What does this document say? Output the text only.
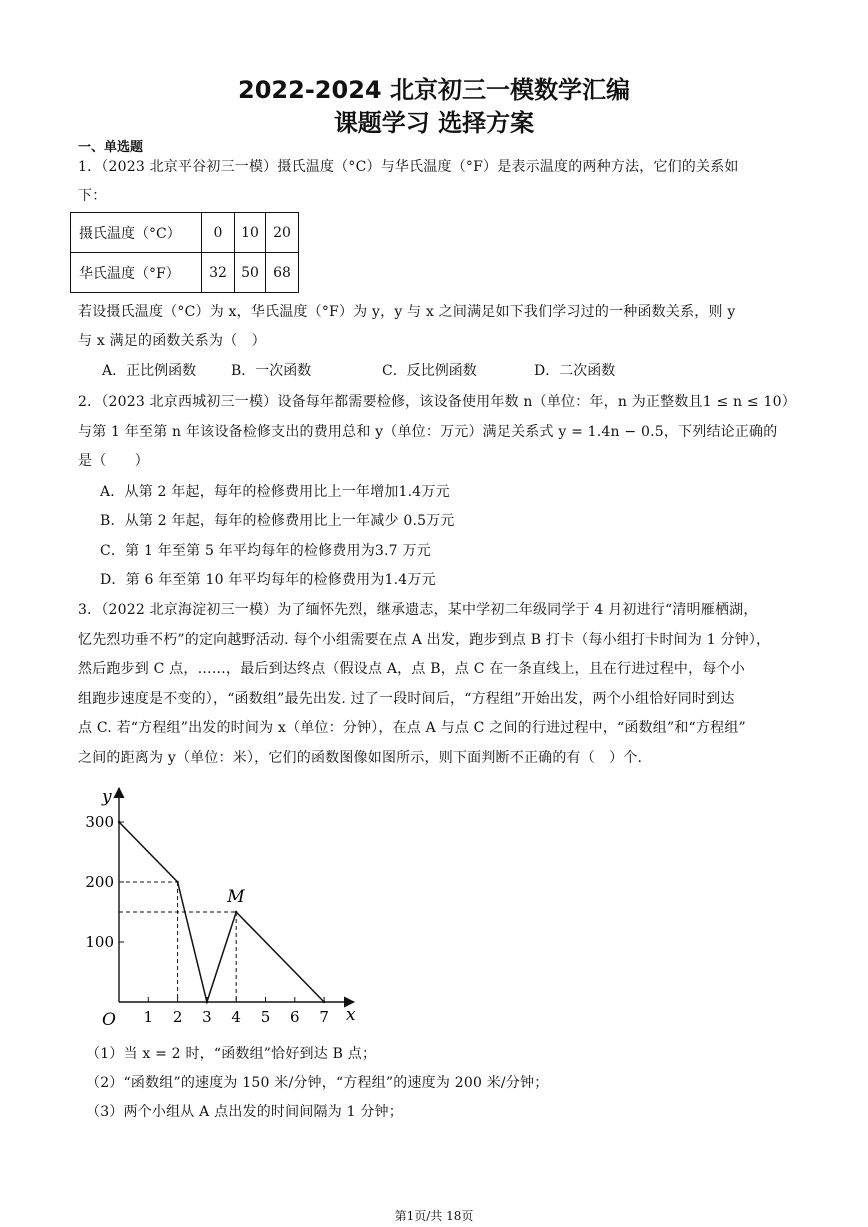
2022-2024 北京初三一模数学汇编
课题学习 选择方案
一、单选题
1．（2023 北京平谷初三一模）摄氏温度（°C）与华氏温度（°F）是表示温度的两种方法，它们的关系如
下：
摄氏温度（°C）	0	10	20
华氏温度（°F）	32	50	68
若设摄氏温度（°C）为 x，华氏温度（°F）为 y，y 与 x 之间满足如下我们学习过的一种函数关系，则 y
与 x 满足的函数关系为（　）
A．正比例函数 B．一次函数	C．反比例函数	D．二次函数
2．（2023 北京西城初三一模）设备每年都需要检修，该设备使用年数 n（单位：年，n 为正整数且1 ≤ n ≤ 10）
与第 1 年至第 n 年该设备检修支出的费用总和 y（单位：万元）满足关系式 y = 1.4n − 0.5，下列结论正确的
是（　　）
A．从第 2 年起，每年的检修费用比上一年增加1.4万元
B．从第 2 年起，每年的检修费用比上一年减少 0.5万元
C．第 1 年至第 5 年平均每年的检修费用为3.7 万元
D．第 6 年至第 10 年平均每年的检修费用为1.4万元
3．（2022 北京海淀初三一模）为了缅怀先烈，继承遗志，某中学初二年级同学于 4 月初进行“清明雁栖湖，
忆先烈功垂不朽”的定向越野活动. 每个小组需要在点 A 出发，跑步到点 B 打卡（每小组打卡时间为 1 分钟），
然后跑步到 C 点，……，最后到达终点（假设点 A，点 B，点 C 在一条直线上，且在行进过程中，每个小
组跑步速度是不变的），“函数组”最先出发. 过了一段时间后，“方程组”开始出发，两个小组恰好同时到达
点 C. 若“方程组”出发的时间为 x（单位：分钟），在点 A 与点 C 之间的行进过程中，“函数组”和“方程组”
之间的距离为 y（单位：米），它们的函数图像如图所示，则下面判断不正确的有（　）个.
1 2 3 4 5 6 7
100
200
300
y
x
O
M
（1）当 x = 2 时，“函数组”恰好到达 B 点；
（2）“函数组”的速度为 150 米/分钟，“方程组”的速度为 200 米/分钟；
（3）两个小组从 A 点出发的时间间隔为 1 分钟；
第1页/共 18页
